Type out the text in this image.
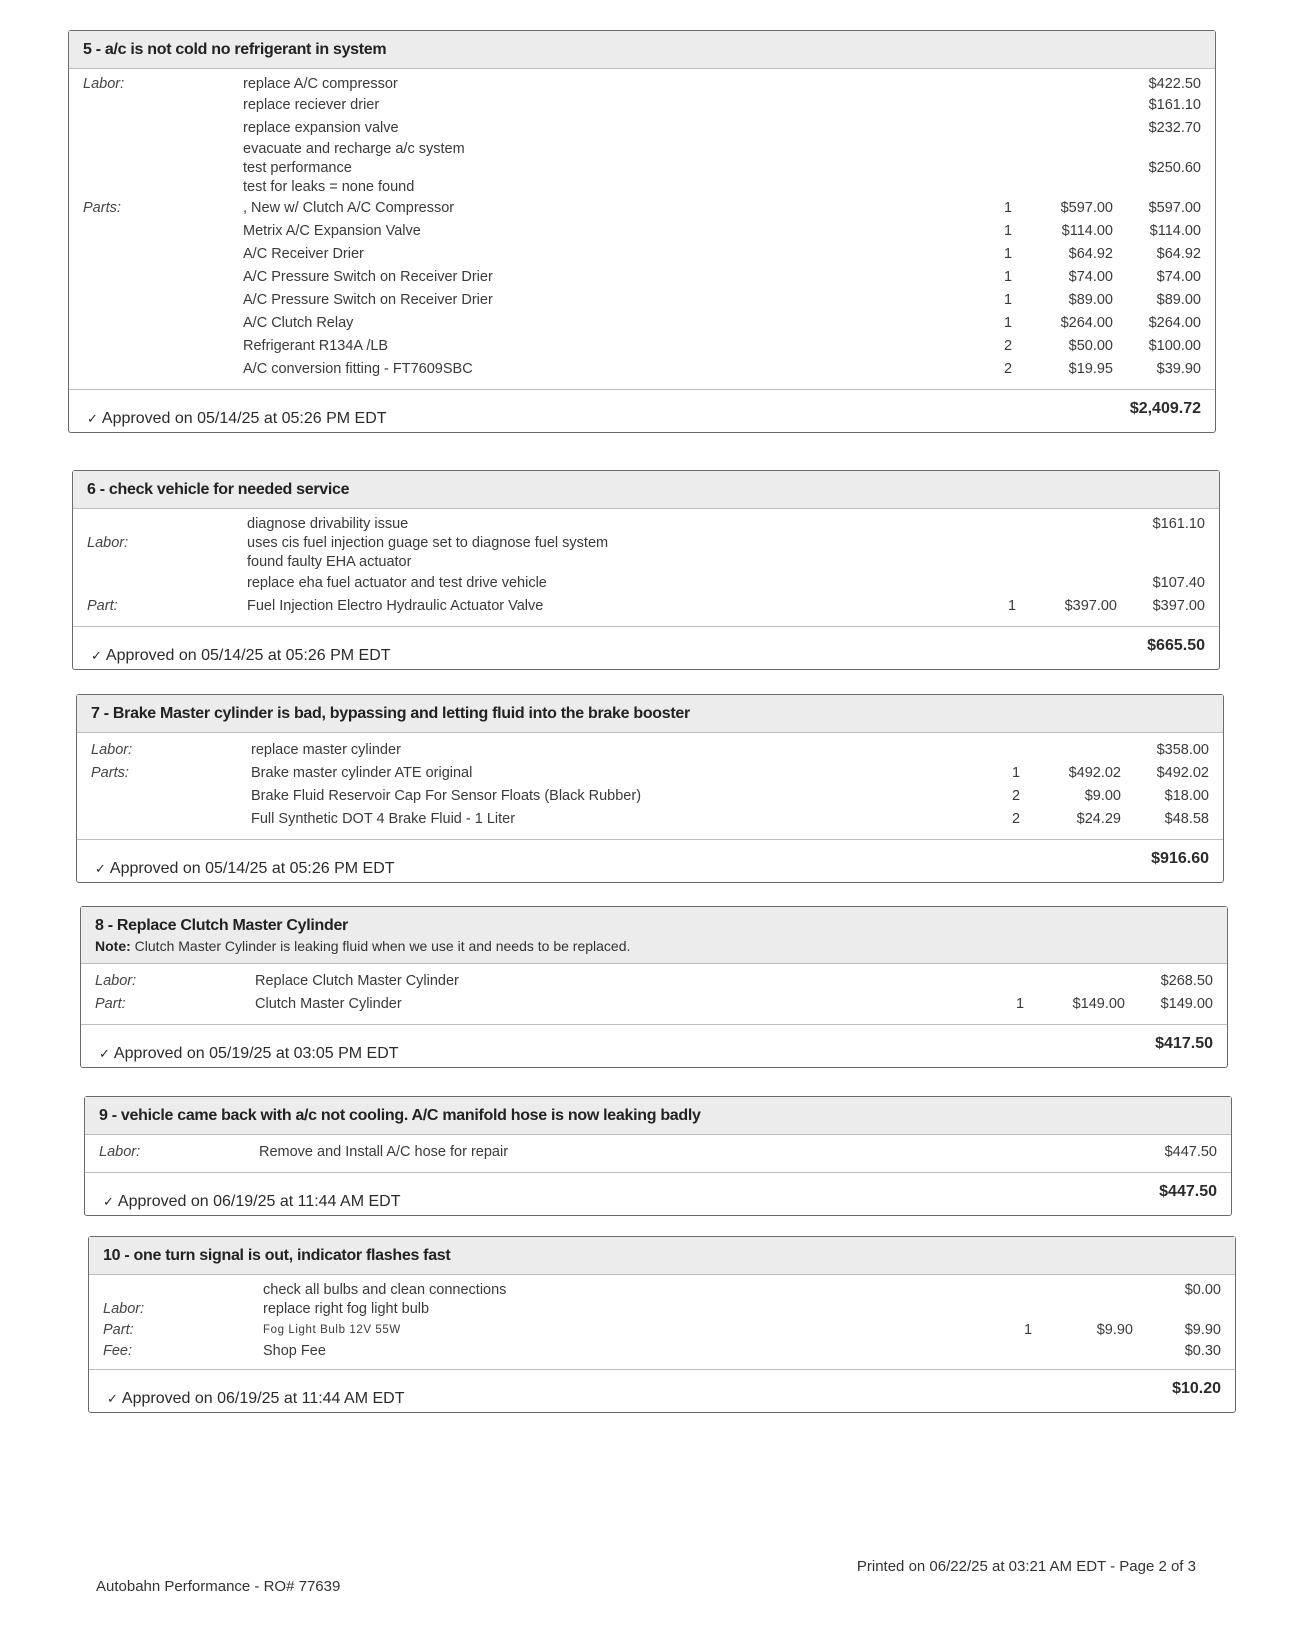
5 - a/c is not cold no refrigerant in system
Labor:	replace A/C compressor	$422.50
replace reciever drier	$161.10
replace expansion valve	$232.70
evacuate and recharge a/c system
test performance	$250.60
test for leaks = none found
Parts:	, New w/ Clutch A/C Compressor	1	$597.00	$597.00
Metrix A/C Expansion Valve	1	$114.00	$114.00
A/C Receiver Drier	1	$64.92	$64.92
A/C Pressure Switch on Receiver Drier	1	$74.00	$74.00
A/C Pressure Switch on Receiver Drier	1	$89.00	$89.00
A/C Clutch Relay	1	$264.00	$264.00
Refrigerant R134A /LB	2	$50.00	$100.00
A/C conversion fitting - FT7609SBC	2	$19.95	$39.90
✓ Approved on 05/14/25 at 05:26 PM EDT
$2,409.72
6 - check vehicle for needed service
diagnose drivability issue	$161.10
Labor:	uses cis fuel injection guage set to diagnose fuel system
found faulty EHA actuator
replace eha fuel actuator and test drive vehicle	$107.40
Part:	Fuel Injection Electro Hydraulic Actuator Valve	1	$397.00	$397.00
✓ Approved on 05/14/25 at 05:26 PM EDT
$665.50
7 - Brake Master cylinder is bad, bypassing and letting fluid into the brake booster
Labor:	replace master cylinder	$358.00
Parts:	Brake master cylinder ATE original	1	$492.02	$492.02
Brake Fluid Reservoir Cap For Sensor Floats (Black Rubber)	2	$9.00	$18.00
Full Synthetic DOT 4 Brake Fluid - 1 Liter	2	$24.29	$48.58
✓ Approved on 05/14/25 at 05:26 PM EDT
$916.60
8 - Replace Clutch Master Cylinder
Note: Clutch Master Cylinder is leaking fluid when we use it and needs to be replaced.
Labor:	Replace Clutch Master Cylinder	$268.50
Part:	Clutch Master Cylinder	1	$149.00	$149.00
✓ Approved on 05/19/25 at 03:05 PM EDT
$417.50
9 - vehicle came back with a/c not cooling. A/C manifold hose is now leaking badly
Labor:	Remove and Install A/C hose for repair	$447.50
✓ Approved on 06/19/25 at 11:44 AM EDT
$447.50
10 - one turn signal is out, indicator flashes fast
check all bulbs and clean connections	$0.00
Labor:	replace right fog light bulb
Part:	Fog Light Bulb 12V 55W	1	$9.90	$9.90
Fee:	Shop Fee	$0.30
✓ Approved on 06/19/25 at 11:44 AM EDT
$10.20
Autobahn Performance - RO# 77639
Printed on 06/22/25 at 03:21 AM EDT - Page 2 of 3
